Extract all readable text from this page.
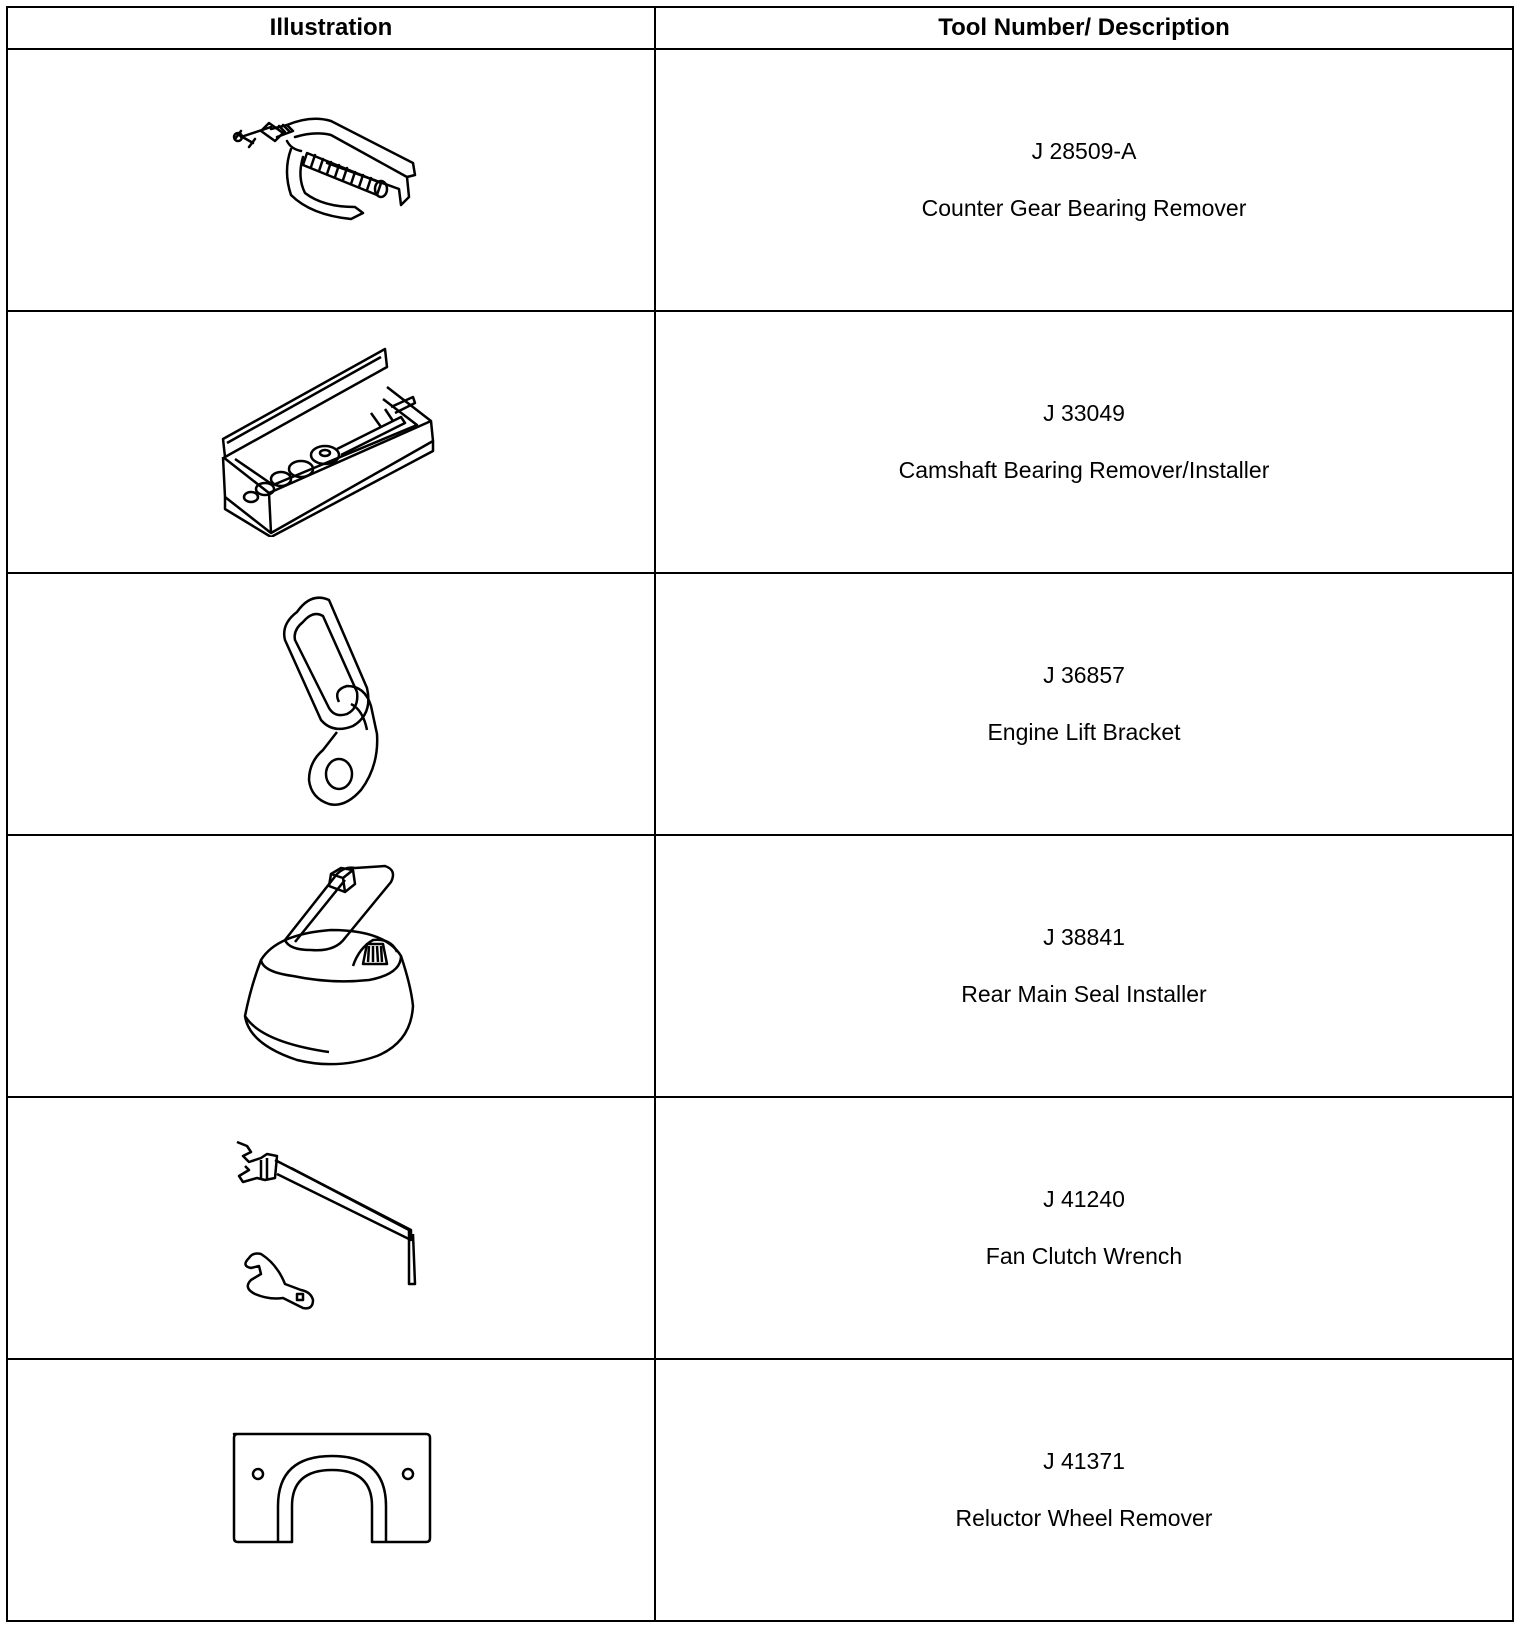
Illustration	Tool Number/ Description

J 28509-A
Counter Gear Bearing Remover

J 33049
Camshaft Bearing Remover/Installer

J 36857
Engine Lift Bracket

J 38841
Rear Main Seal Installer

J 41240
Fan Clutch Wrench

J 41371
Reluctor Wheel Remover
